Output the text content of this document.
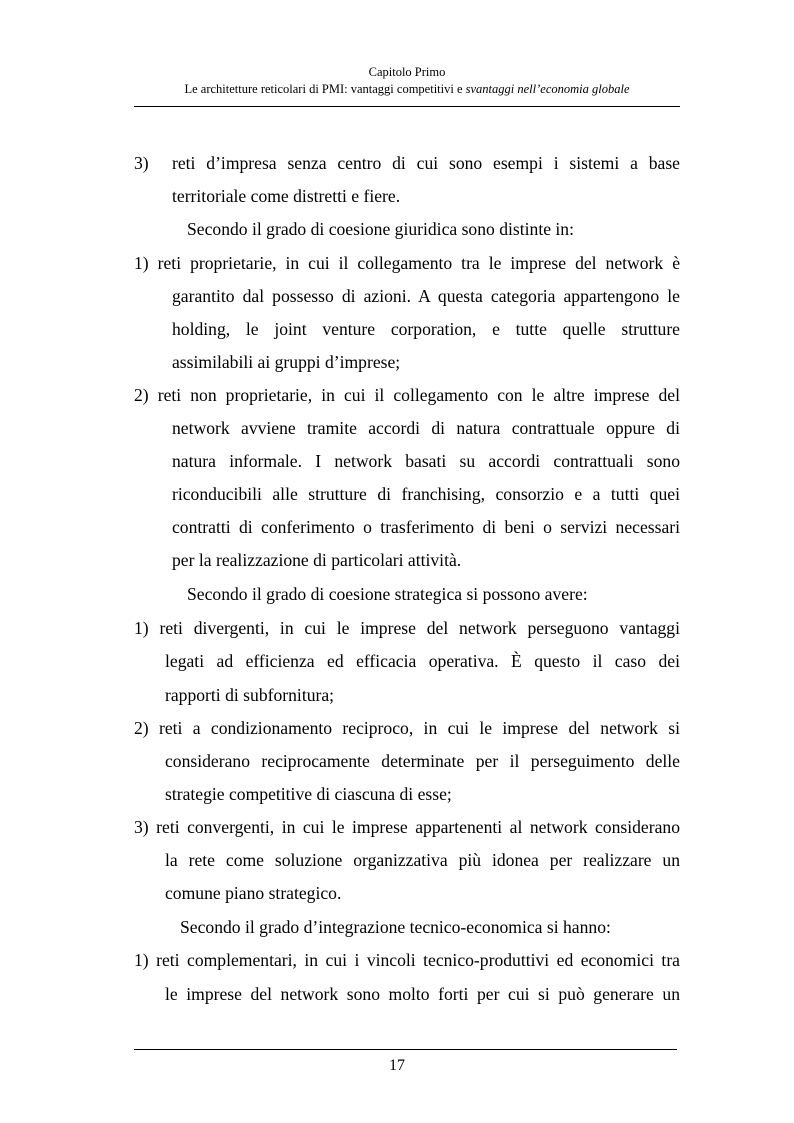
Capitolo Primo
Le architetture reticolari di PMI: vantaggi competitivi e svantaggi nell’economia globale
3) reti d’impresa senza centro di cui sono esempi i sistemi a base
territoriale come distretti e fiere.
Secondo il grado di coesione giuridica sono distinte in:
1) reti proprietarie, in cui il collegamento tra le imprese del network è
garantito dal possesso di azioni. A questa categoria appartengono le
holding, le joint venture corporation, e tutte quelle strutture
assimilabili ai gruppi d’imprese;
2) reti non proprietarie, in cui il collegamento con le altre imprese del
network avviene tramite accordi di natura contrattuale oppure di
natura informale. I network basati su accordi contrattuali sono
riconducibili alle strutture di franchising, consorzio e a tutti quei
contratti di conferimento o trasferimento di beni o servizi necessari
per la realizzazione di particolari attività.
Secondo il grado di coesione strategica si possono avere:
1) reti divergenti, in cui le imprese del network perseguono vantaggi
legati ad efficienza ed efficacia operativa. È questo il caso dei
rapporti di subfornitura;
2) reti a condizionamento reciproco, in cui le imprese del network si
considerano reciprocamente determinate per il perseguimento delle
strategie competitive di ciascuna di esse;
3) reti convergenti, in cui le imprese appartenenti al network considerano
la rete come soluzione organizzativa più idonea per realizzare un
comune piano strategico.
Secondo il grado d’integrazione tecnico-economica si hanno:
1) reti complementari, in cui i vincoli tecnico-produttivi ed economici tra
le imprese del network sono molto forti per cui si può generare un
17
